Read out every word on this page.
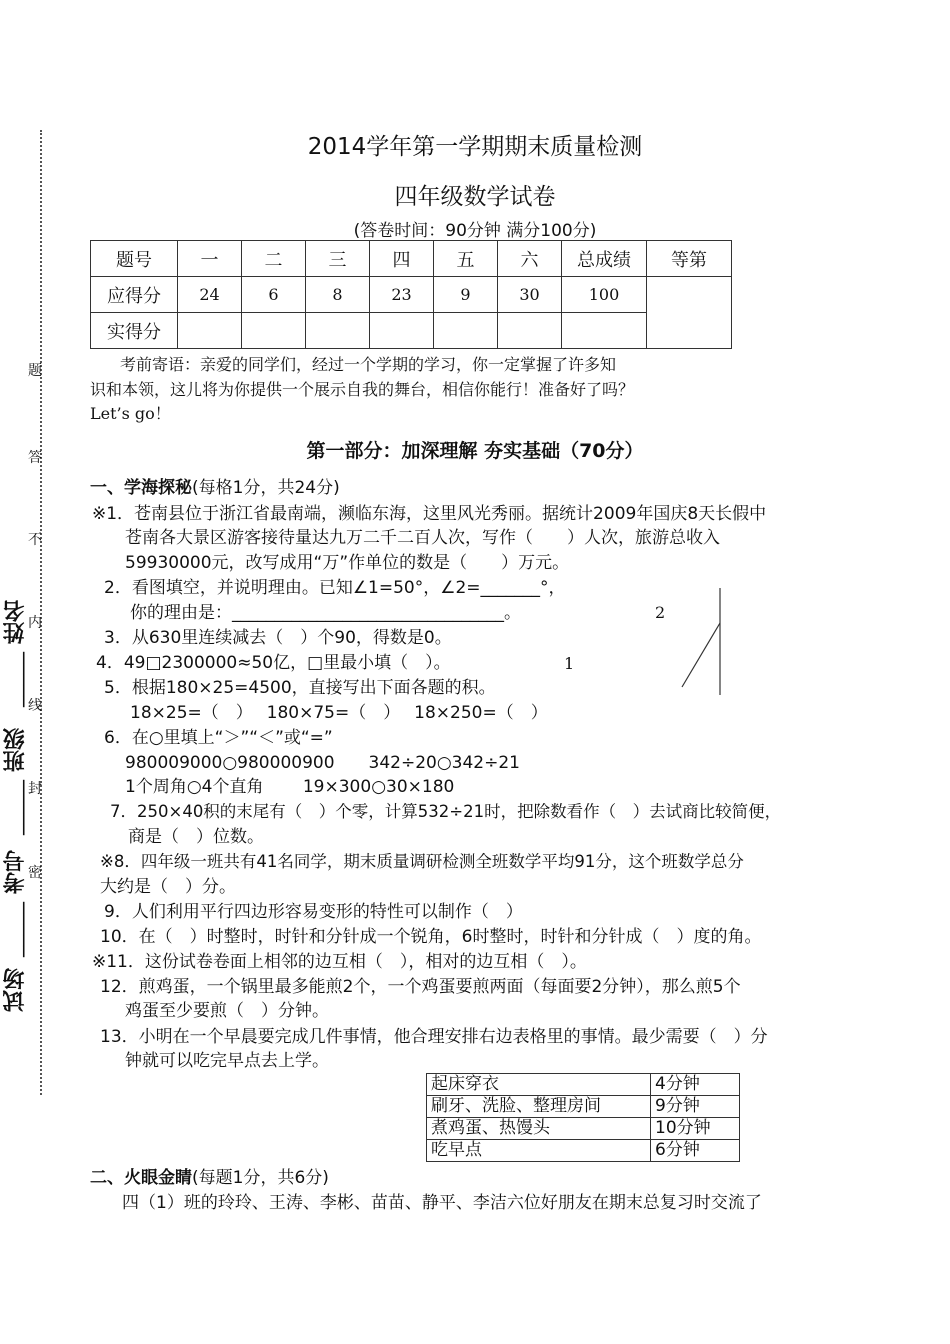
题
答
不
内
线
封
密
姓名
_____
班级
_____
考号
_____
试场
2014学年第一学期期末质量检测
四年级数学试卷
(答卷时间：90分钟 满分100分)
题号	一	二	三	四	五	六	总成绩	等第
应得分	24	6	8	23	9	30	100	
实得分								
考前寄语：亲爱的同学们，经过一个学期的学习，你一定掌握了许多知
识和本领，这儿将为你提供一个展示自我的舞台，相信你能行！准备好了吗？
Let’s go！
第一部分：加深理解 夯实基础（70分）
一、学海探秘(每格1分，共24分)
※1．苍南县位于浙江省最南端，濒临东海，这里风光秀丽。据统计2009年国庆8天长假中
苍南各大景区游客接待量达九万二千二百人次，写作（　　）人次，旅游总收入
59930000元，改写成用“万”作单位的数是（　　）万元。
2．看图填空，并说明理由。已知∠1=50°，∠2=_______°，
你的理由是：________________________________。	2
1
3．从630里连续减去（　）个90，得数是0。
4．49□2300000≈50亿，□里最小填（　）。
5．根据180×25=4500，直接写出下面各题的积。
18×25=（　）　 180×75=（　）　 18×250=（　）
6．在○里填上“＞”“＜”或“=”
980009000○980000900　　342÷20○342÷21
1个周角○4个直角　　 19×300○30×180
7．250×40积的末尾有（　）个零，计算532÷21时，把除数看作（　）去试商比较简便，
商是（　）位数。
※8．四年级一班共有41名同学，期末质量调研检测全班数学平均91分，这个班数学总分
大约是（　）分。
9．人们利用平行四边形容易变形的特性可以制作（　）
10．在（　）时整时，时针和分针成一个锐角，6时整时，时针和分针成（　）度的角。
※11．这份试卷卷面上相邻的边互相（　），相对的边互相（　）。
12．煎鸡蛋，一个锅里最多能煎2个，一个鸡蛋要煎两面（每面要2分钟），那么煎5个
鸡蛋至少要煎（　）分钟。
13．小明在一个早晨要完成几件事情，他合理安排右边表格里的事情。最少需要（　）分
钟就可以吃完早点去上学。
起床穿衣	4分钟
刷牙、洗脸、整理房间	9分钟
煮鸡蛋、热馒头	10分钟
吃早点	6分钟
二、火眼金睛(每题1分，共6分)
四（1）班的玲玲、王涛、李彬、苗苗、静平、李洁六位好朋友在期末总复习时交流了
